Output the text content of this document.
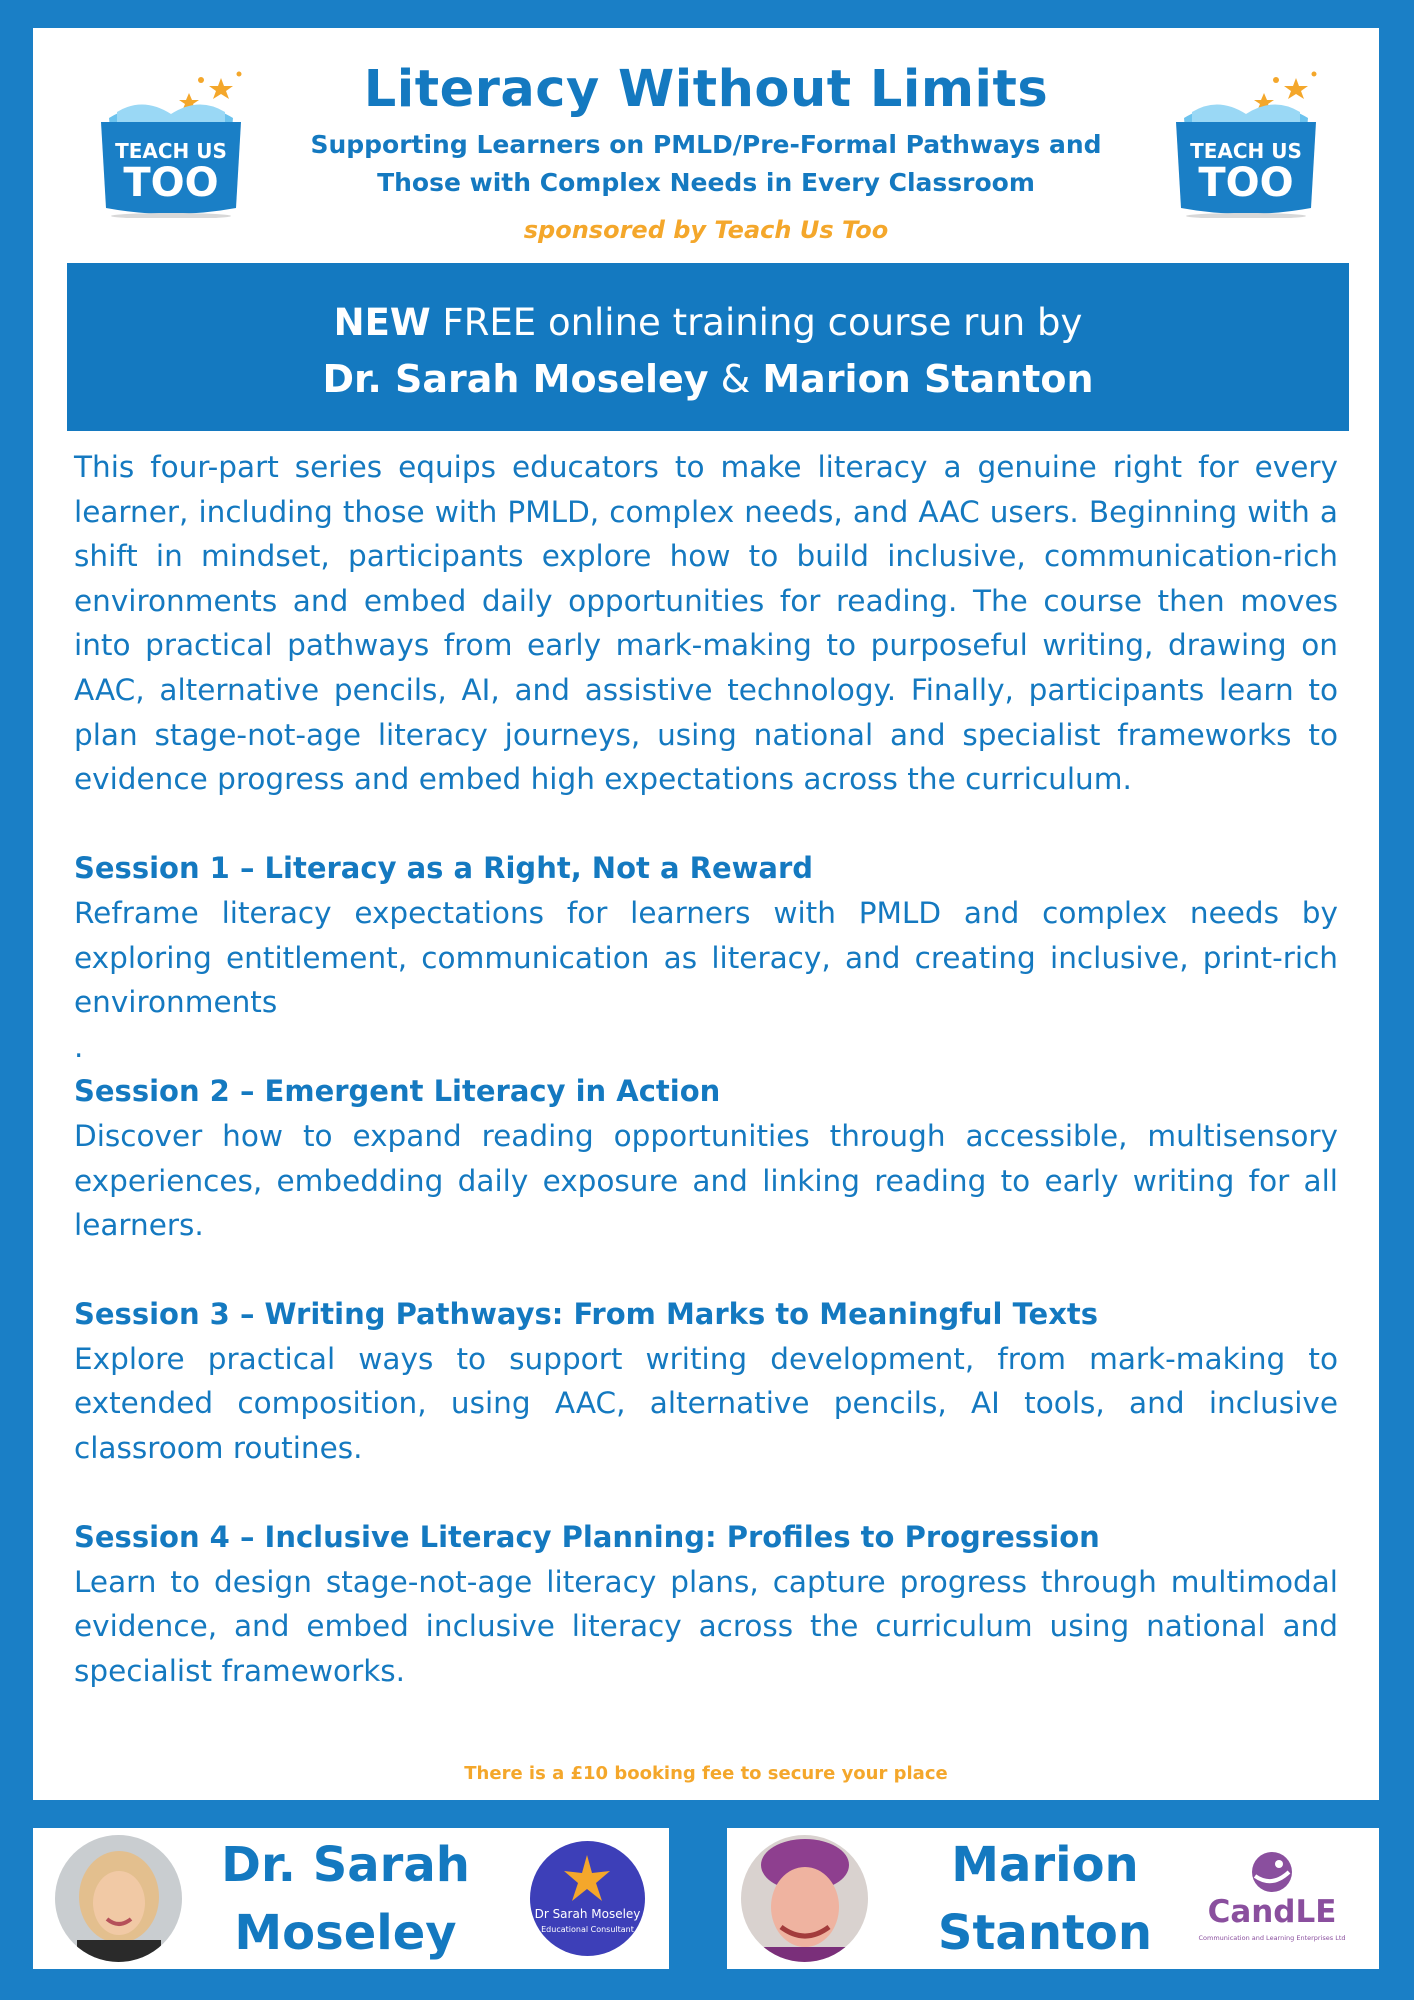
TEACH US
TOO
TEACH US
TOO
Literacy Without Limits
Supporting Learners on PMLD/Pre-Formal Pathways and
Those with Complex Needs in Every Classroom
sponsored by Teach Us Too
NEW FREE online training course run by
Dr. Sarah Moseley & Marion Stanton

This four-part series equips educators to make literacy a genuine right for every learner, including those with PMLD, complex needs, and AAC users. Beginning with a shift in mindset, participants explore how to build inclusive, communication-rich environments and embed daily opportunities for reading. The course then moves into practical pathways from early mark-making to purposeful writing, drawing on AAC, alternative pencils, AI, and assistive technology. Finally, participants learn to plan stage-not-age literacy journeys, using national and specialist frameworks to evidence progress and embed high expectations across the curriculum.

Session 1 – Literacy as a Right, Not a Reward

Reframe literacy expectations for learners with PMLD and complex needs by exploring entitlement, communication as literacy, and creating inclusive, print-rich environments

.

Session 2 – Emergent Literacy in Action

Discover how to expand reading opportunities through accessible, multisensory experiences, embedding daily exposure and linking reading to early writing for all learners.

Session 3 – Writing Pathways: From Marks to Meaningful Texts

Explore practical ways to support writing development, from mark-making to extended composition, using AAC, alternative pencils, AI tools, and inclusive classroom routines.

Session 4 – Inclusive Literacy Planning: Profiles to Progression

Learn to design stage-not-age literacy plans, capture progress through multimodal evidence, and embed inclusive literacy across the curriculum using national and specialist frameworks.

There is a £10 booking fee to secure your place
Dr. Sarah
Moseley	Dr Sarah Moseley
Educational Consultant
Marion
Stanton	CandLE
Communication and Learning Enterprises Ltd
